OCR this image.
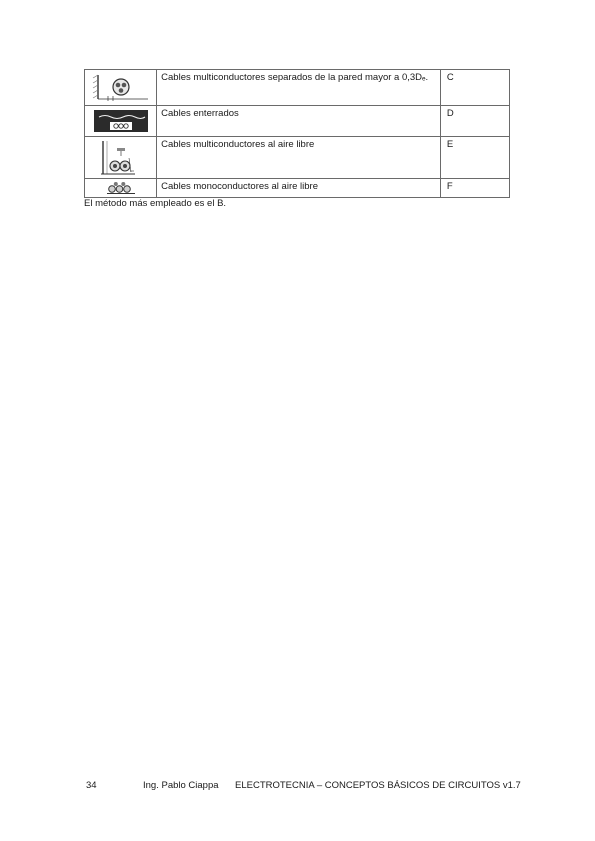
	Cables multiconductores separados de la pared mayor a 0,3Dₑ.	C

	Cables enterrados	D

	Cables multiconductores al aire libre	E

	Cables monoconductores al aire libre	F
El método más empleado es el B.
34	Ing. Pablo Ciappa ELECTROTECNIA – CONCEPTOS BÁSICOS DE CIRCUITOS v1.7
